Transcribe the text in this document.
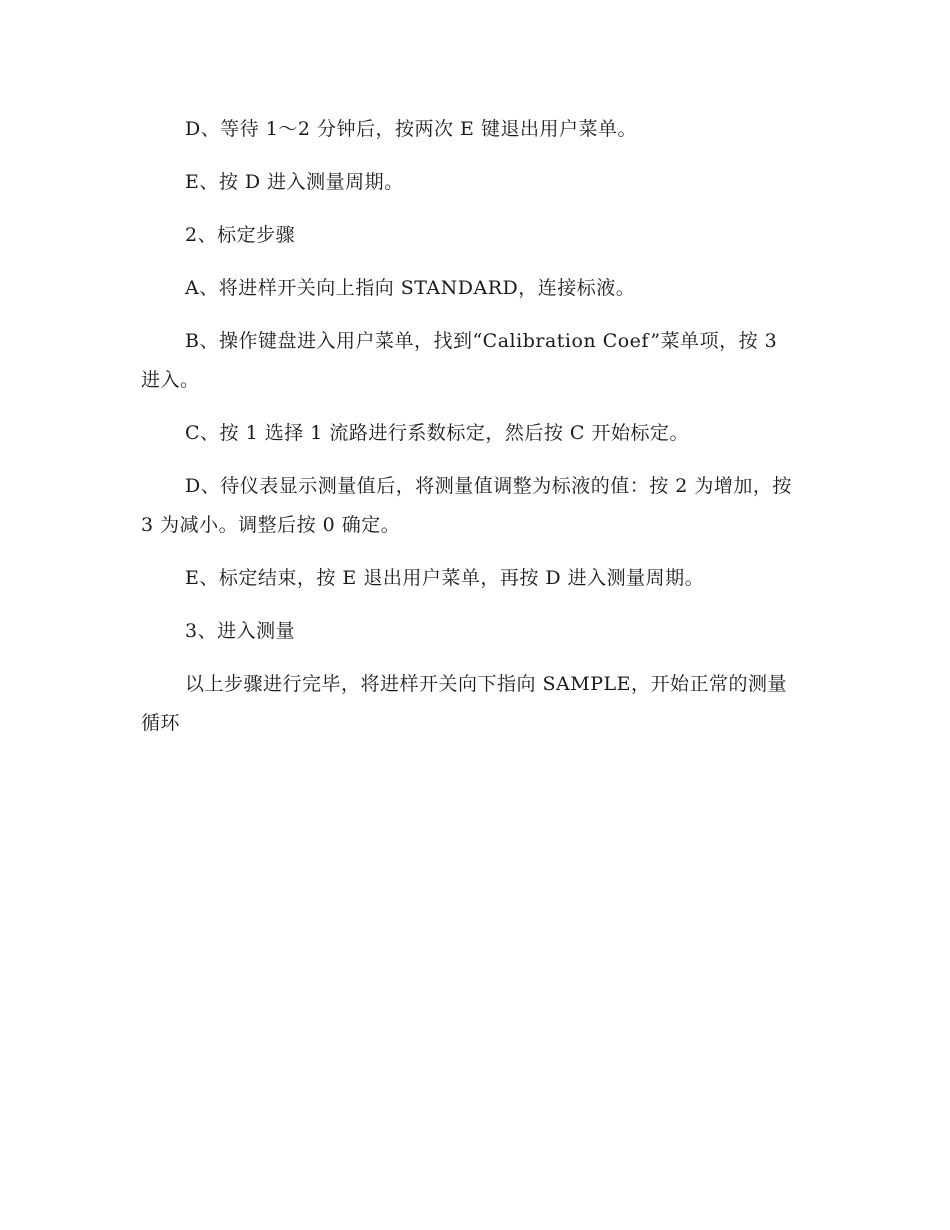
D、等待 1～2 分钟后，按两次 E 键退出用户菜单。

E、按 D 进入测量周期。

2、标定步骤

A、将进样开关向上指向 STANDARD，连接标液。

B、操作键盘进入用户菜单，找到“Calibration Coef”菜单项，按 3 进入。

C、按 1 选择 1 流路进行系数标定，然后按 C 开始标定。

D、待仪表显示测量值后，将测量值调整为标液的值：按 2 为增加，按 3 为减小。调整后按 0 确定。

E、标定结束，按 E 退出用户菜单，再按 D 进入测量周期。

3、进入测量

以上步骤进行完毕，将进样开关向下指向 SAMPLE，开始正常的测量循环
